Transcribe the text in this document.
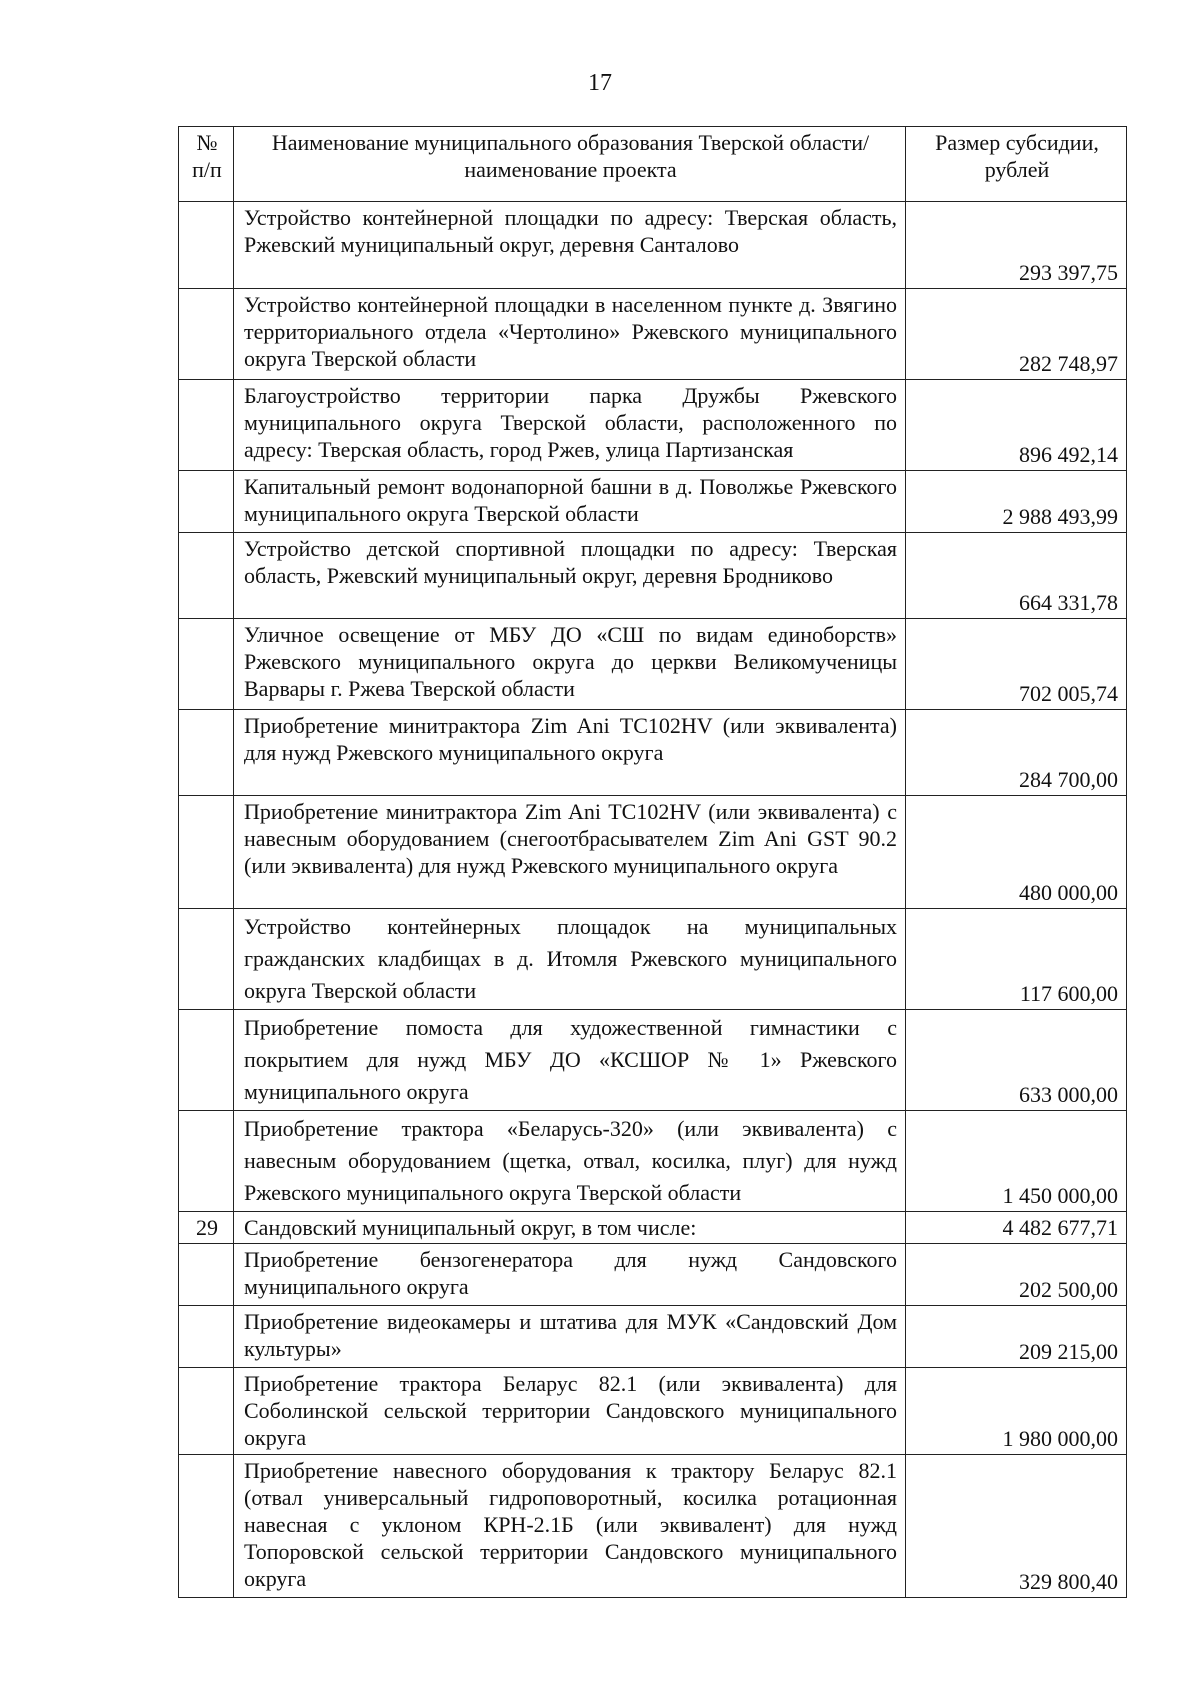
17
№ п/п	Наименование муниципального образования Тверской области/наименование проекта	Размер субсидии, рублей
	Устройство контейнерной площадки по адресу: Тверская область, Ржевский муниципальный округ, деревня Санталово	293 397,75
	Устройство контейнерной площадки в населенном пункте д. Звягино территориального отдела «Чертолино» Ржевского муниципального округа Тверской области	282 748,97
	Благоустройство территории парка Дружбы Ржевского муниципального округа Тверской области, расположенного по адресу: Тверская область, город Ржев, улица Партизанская	896 492,14
	Капитальный ремонт водонапорной башни в д. Поволжье Ржевского муниципального округа Тверской области	2 988 493,99
	Устройство детской спортивной площадки по адресу: Тверская область, Ржевский муниципальный округ, деревня Бродниково	664 331,78
	Уличное освещение от МБУ ДО «СШ по видам единоборств» Ржевского муниципального округа до церкви Великомученицы Варвары г. Ржева Тверской области	702 005,74
	Приобретение минитрактора Zim Ani TC102HV (или эквивалента) для нужд Ржевского муниципального округа	284 700,00
	Приобретение минитрактора Zim Ani TC102HV (или эквивалента) с навесным оборудованием (снегоотбрасывателем Zim Ani GST 90.2 (или эквивалента) для нужд Ржевского муниципального округа	480 000,00
	Устройство контейнерных площадок на муниципальных гражданских кладбищах в д. Итомля Ржевского муниципального округа Тверской области	117 600,00
	Приобретение помоста для художественной гимнастики с покрытием для нужд МБУ ДО «КСШОР № 1» Ржевского муниципального округа	633 000,00
	Приобретение трактора «Беларусь-320» (или эквивалента) с навесным оборудованием (щетка, отвал, косилка, плуг) для нужд Ржевского муниципального округа Тверской области	1 450 000,00
29	Сандовский муниципальный округ, в том числе:	4 482 677,71
	Приобретение бензогенератора для нужд Сандовского муниципального округа	202 500,00
	Приобретение видеокамеры и штатива для МУК «Сандовский Дом культуры»	209 215,00
	Приобретение трактора Беларус 82.1 (или эквивалента) для Соболинской сельской территории Сандовского муниципального округа	1 980 000,00
	Приобретение навесного оборудования к трактору Беларус 82.1 (отвал универсальный гидроповоротный, косилка ротационная навесная с уклоном КРН-2.1Б (или эквивалент) для нужд Топоровской сельской территории Сандовского муниципального округа	329 800,40
